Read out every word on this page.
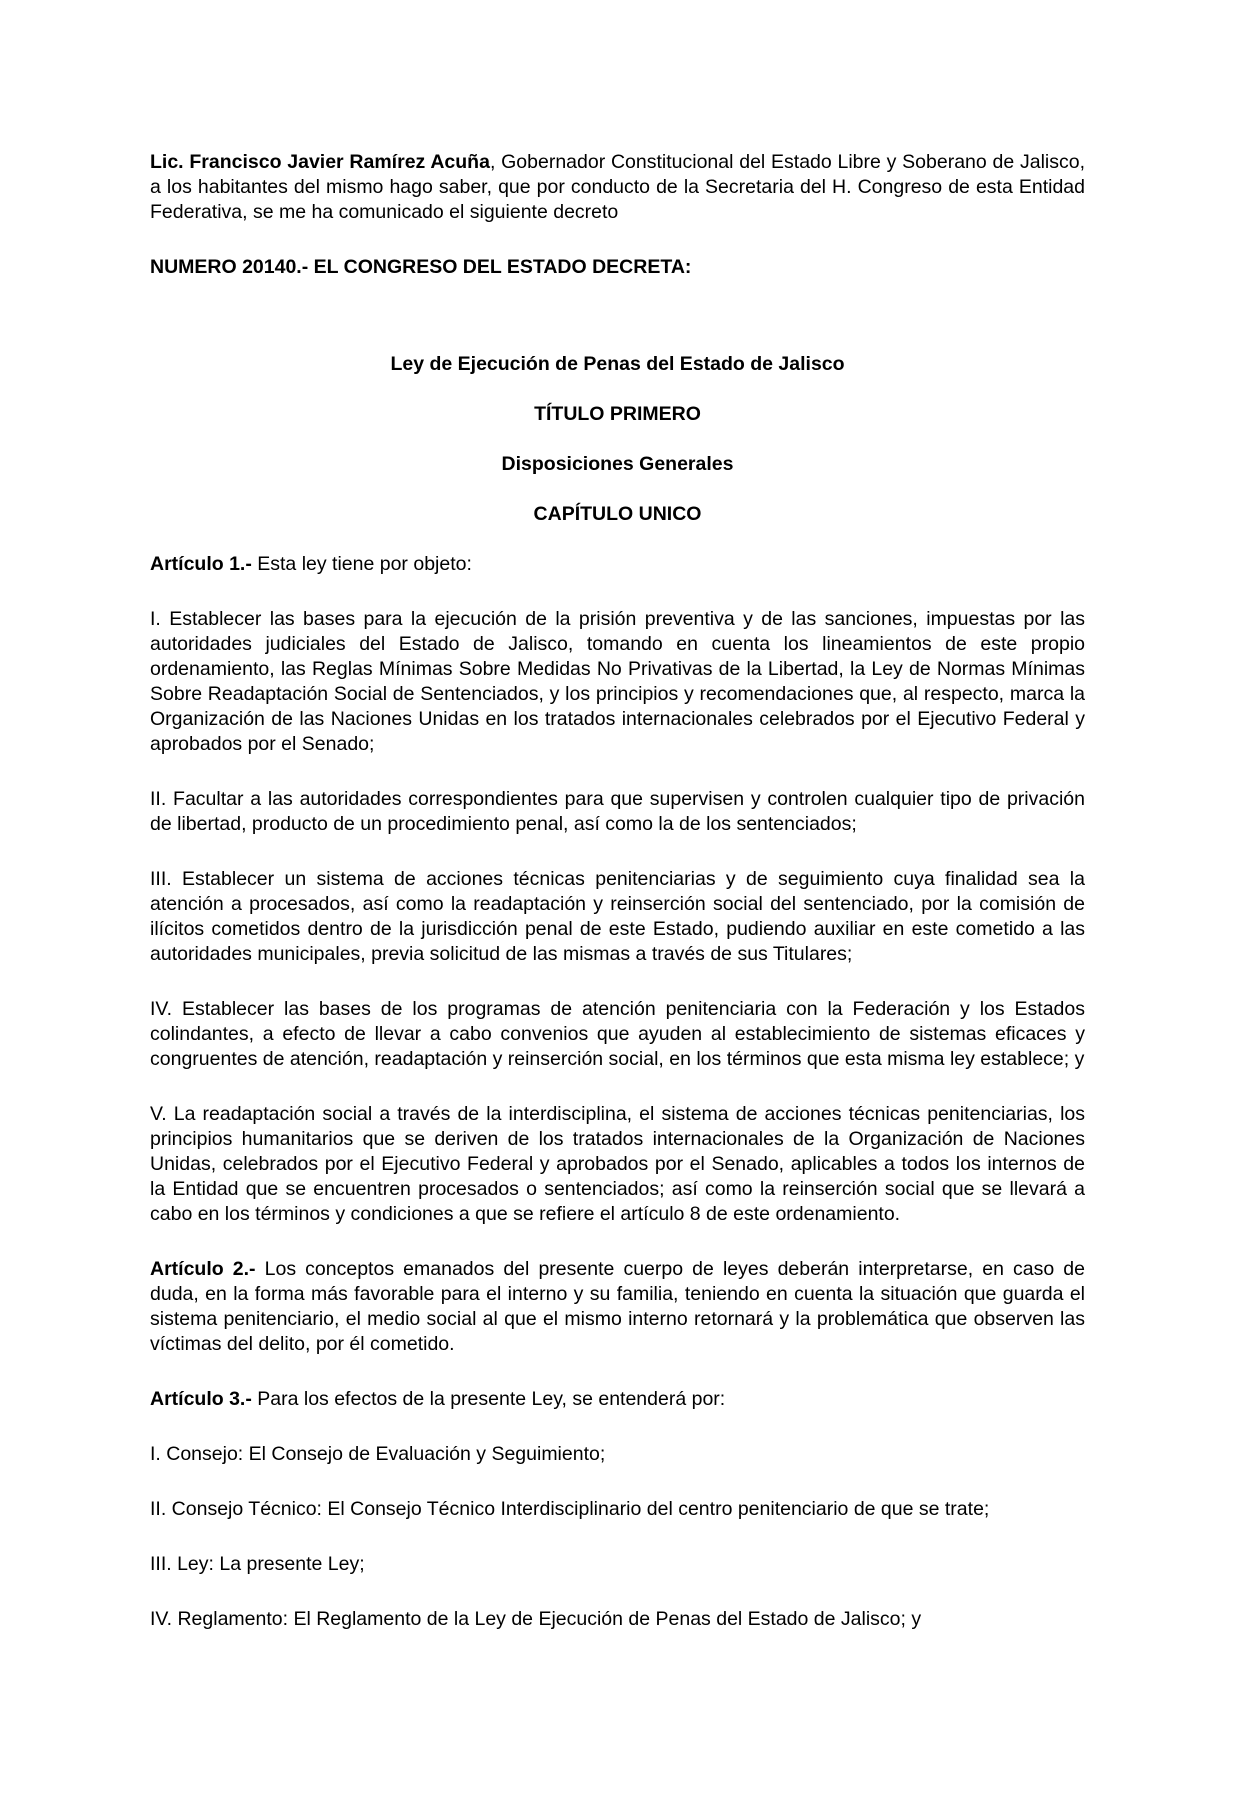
Lic. Francisco Javier Ramírez Acuña, Gobernador Constitucional del Estado Libre y Soberano de Jalisco, a los habitantes del mismo hago saber, que por conducto de la Secretaria del H. Congreso de esta Entidad Federativa, se me ha comunicado el siguiente decreto

NUMERO 20140.- EL CONGRESO DEL ESTADO DECRETA:

Ley de Ejecución de Penas del Estado de Jalisco

TÍTULO PRIMERO

Disposiciones Generales

CAPÍTULO UNICO

Artículo 1.- Esta ley tiene por objeto:

I. Establecer las bases para la ejecución de la prisión preventiva y de las sanciones, impuestas por las autoridades judiciales del Estado de Jalisco, tomando en cuenta los lineamientos de este propio ordenamiento, las Reglas Mínimas Sobre Medidas No Privativas de la Libertad, la Ley de Normas Mínimas Sobre Readaptación Social de Sentenciados, y los principios y recomendaciones que, al respecto, marca la Organización de las Naciones Unidas en los tratados internacionales celebrados por el Ejecutivo Federal y aprobados por el Senado;

II. Facultar a las autoridades correspondientes para que supervisen y controlen cualquier tipo de privación de libertad, producto de un procedimiento penal, así como la de los sentenciados;

III. Establecer un sistema de acciones técnicas penitenciarias y de seguimiento cuya finalidad sea la atención a procesados, así como la readaptación y reinserción social del sentenciado, por la comisión de ilícitos cometidos dentro de la jurisdicción penal de este Estado, pudiendo auxiliar en este cometido a las autoridades municipales, previa solicitud de las mismas a través de sus Titulares;

IV. Establecer las bases de los programas de atención penitenciaria con la Federación y los Estados colindantes, a efecto de llevar a cabo convenios que ayuden al establecimiento de sistemas eficaces y congruentes de atención, readaptación y reinserción social, en los términos que esta misma ley establece; y

V. La readaptación social a través de la interdisciplina, el sistema de acciones técnicas penitenciarias, los principios humanitarios que se deriven de los tratados internacionales de la Organización de Naciones Unidas, celebrados por el Ejecutivo Federal y aprobados por el Senado, aplicables a todos los internos de la Entidad que se encuentren procesados o sentenciados; así como la reinserción social que se llevará a cabo en los términos y condiciones a que se refiere el artículo 8 de este ordenamiento.

Artículo 2.- Los conceptos emanados del presente cuerpo de leyes deberán interpretarse, en caso de duda, en la forma más favorable para el interno y su familia, teniendo en cuenta la situación que guarda el sistema penitenciario, el medio social al que el mismo interno retornará y la problemática que observen las víctimas del delito, por él cometido.

Artículo 3.- Para los efectos de la presente Ley, se entenderá por:

I. Consejo: El Consejo de Evaluación y Seguimiento;

II. Consejo Técnico: El Consejo Técnico Interdisciplinario del centro penitenciario de que se trate;

III. Ley: La presente Ley;

IV. Reglamento: El Reglamento de la Ley de Ejecución de Penas del Estado de Jalisco; y
